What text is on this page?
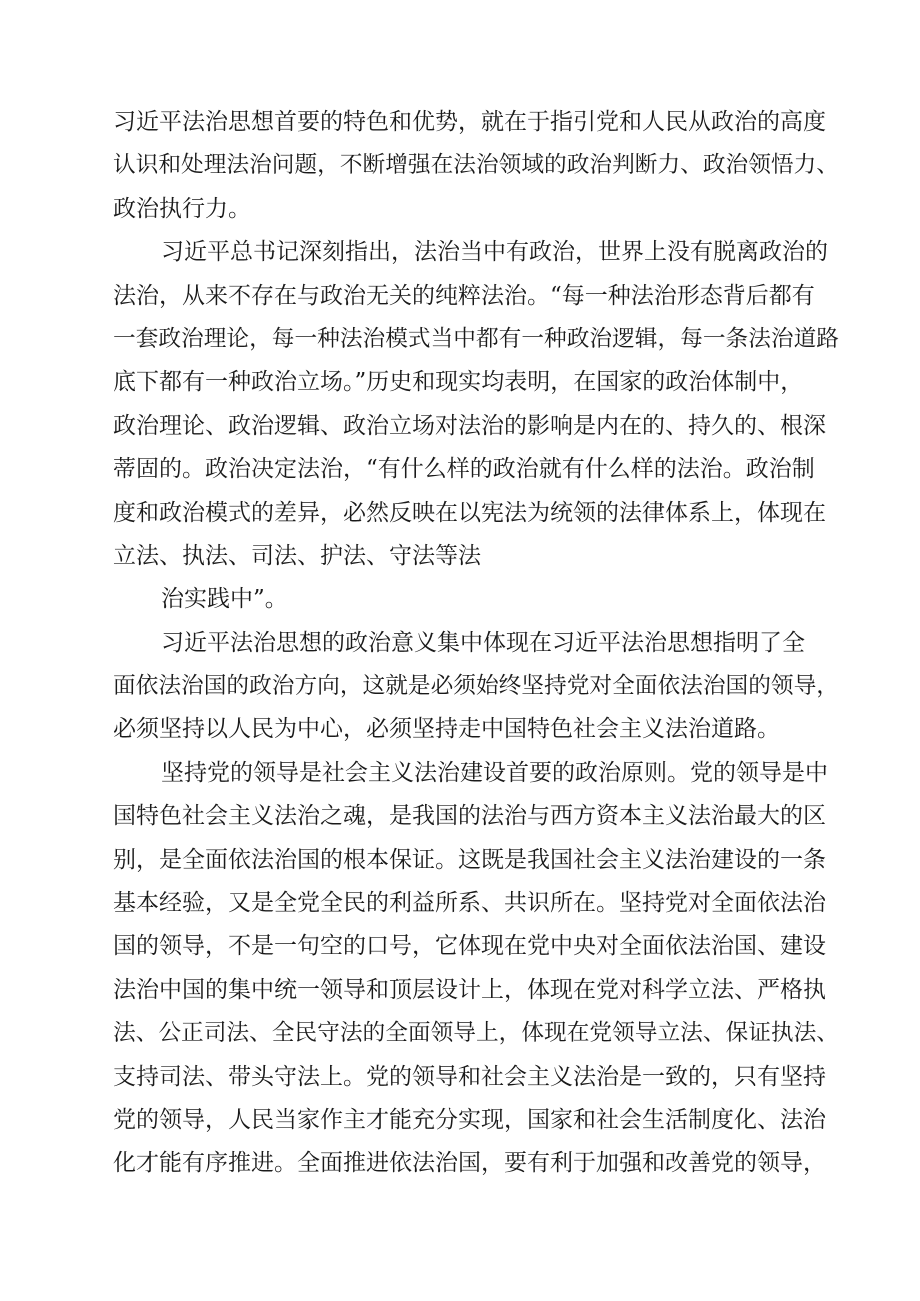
习近平法治思想首要的特色和优势，就在于指引党和人民从政治的高度
认识和处理法治问题，不断增强在法治领域的政治判断力、政治领悟力、
政治执行力。
习近平总书记深刻指出，法治当中有政治，世界上没有脱离政治的
法治，从来不存在与政治无关的纯粹法治。“每一种法治形态背后都有
一套政治理论，每一种法治模式当中都有一种政治逻辑，每一条法治道路
底下都有一种政治立场。”历史和现实均表明，在国家的政治体制中，
政治理论、政治逻辑、政治立场对法治的影响是内在的、持久的、根深
蒂固的。政治决定法治，“有什么样的政治就有什么样的法治。政治制
度和政治模式的差异，必然反映在以宪法为统领的法律体系上，体现在
立法、执法、司法、护法、守法等法
治实践中”。
习近平法治思想的政治意义集中体现在习近平法治思想指明了全
面依法治国的政治方向，这就是必须始终坚持党对全面依法治国的领导，
必须坚持以人民为中心，必须坚持走中国特色社会主义法治道路。
坚持党的领导是社会主义法治建设首要的政治原则。党的领导是中
国特色社会主义法治之魂，是我国的法治与西方资本主义法治最大的区
别，是全面依法治国的根本保证。这既是我国社会主义法治建设的一条
基本经验，又是全党全民的利益所系、共识所在。坚持党对全面依法治
国的领导，不是一句空的口号，它体现在党中央对全面依法治国、建设
法治中国的集中统一领导和顶层设计上，体现在党对科学立法、严格执
法、公正司法、全民守法的全面领导上，体现在党领导立法、保证执法、
支持司法、带头守法上。党的领导和社会主义法治是一致的，只有坚持
党的领导，人民当家作主才能充分实现，国家和社会生活制度化、法治
化才能有序推进。全面推进依法治国，要有利于加强和改善党的领导，
